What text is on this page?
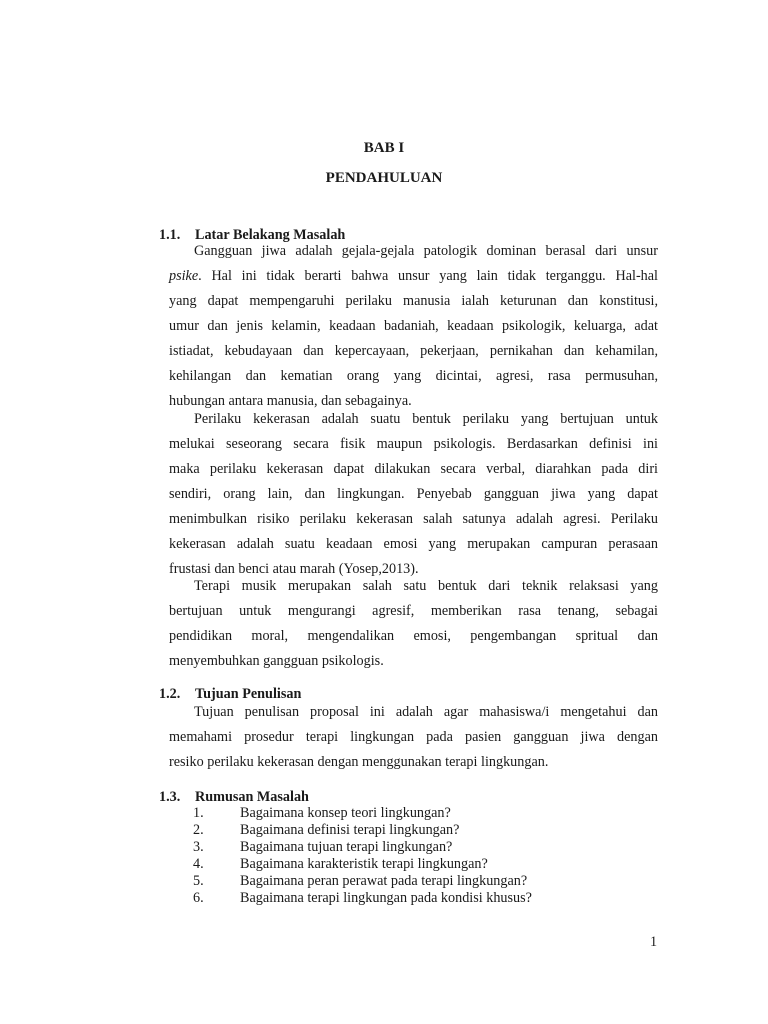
BAB I
PENDAHULUAN
1.1. Latar Belakang Masalah
Gangguan jiwa adalah gejala-gejala patologik dominan berasal dari unsur
psike. Hal ini tidak berarti bahwa unsur yang lain tidak terganggu. Hal-hal
yang dapat mempengaruhi perilaku manusia ialah keturunan dan konstitusi,
umur dan jenis kelamin, keadaan badaniah, keadaan psikologik, keluarga, adat
istiadat, kebudayaan dan kepercayaan, pekerjaan, pernikahan dan kehamilan,
kehilangan dan kematian orang yang dicintai, agresi, rasa permusuhan,
hubungan antara manusia, dan sebagainya.
Perilaku kekerasan adalah suatu bentuk perilaku yang bertujuan untuk
melukai seseorang secara fisik maupun psikologis. Berdasarkan definisi ini
maka perilaku kekerasan dapat dilakukan secara verbal, diarahkan pada diri
sendiri, orang lain, dan lingkungan. Penyebab gangguan jiwa yang dapat
menimbulkan risiko perilaku kekerasan salah satunya adalah agresi. Perilaku
kekerasan adalah suatu keadaan emosi yang merupakan campuran perasaan
frustasi dan benci atau marah (Yosep,2013).
Terapi musik merupakan salah satu bentuk dari teknik relaksasi yang
bertujuan untuk mengurangi agresif, memberikan rasa tenang, sebagai
pendidikan moral, mengendalikan emosi, pengembangan spritual dan
menyembuhkan gangguan psikologis.
1.2. Tujuan Penulisan
Tujuan penulisan proposal ini adalah agar mahasiswa/i mengetahui dan
memahami prosedur terapi lingkungan pada pasien gangguan jiwa dengan
resiko perilaku kekerasan dengan menggunakan terapi lingkungan.
1.3. Rumusan Masalah
1.	Bagaimana konsep teori lingkungan?
2.	Bagaimana definisi terapi lingkungan?
3.	Bagaimana tujuan terapi lingkungan?
4.	Bagaimana karakteristik terapi lingkungan?
5.	Bagaimana peran perawat pada terapi lingkungan?
6.	Bagaimana terapi lingkungan pada kondisi khusus?
1
